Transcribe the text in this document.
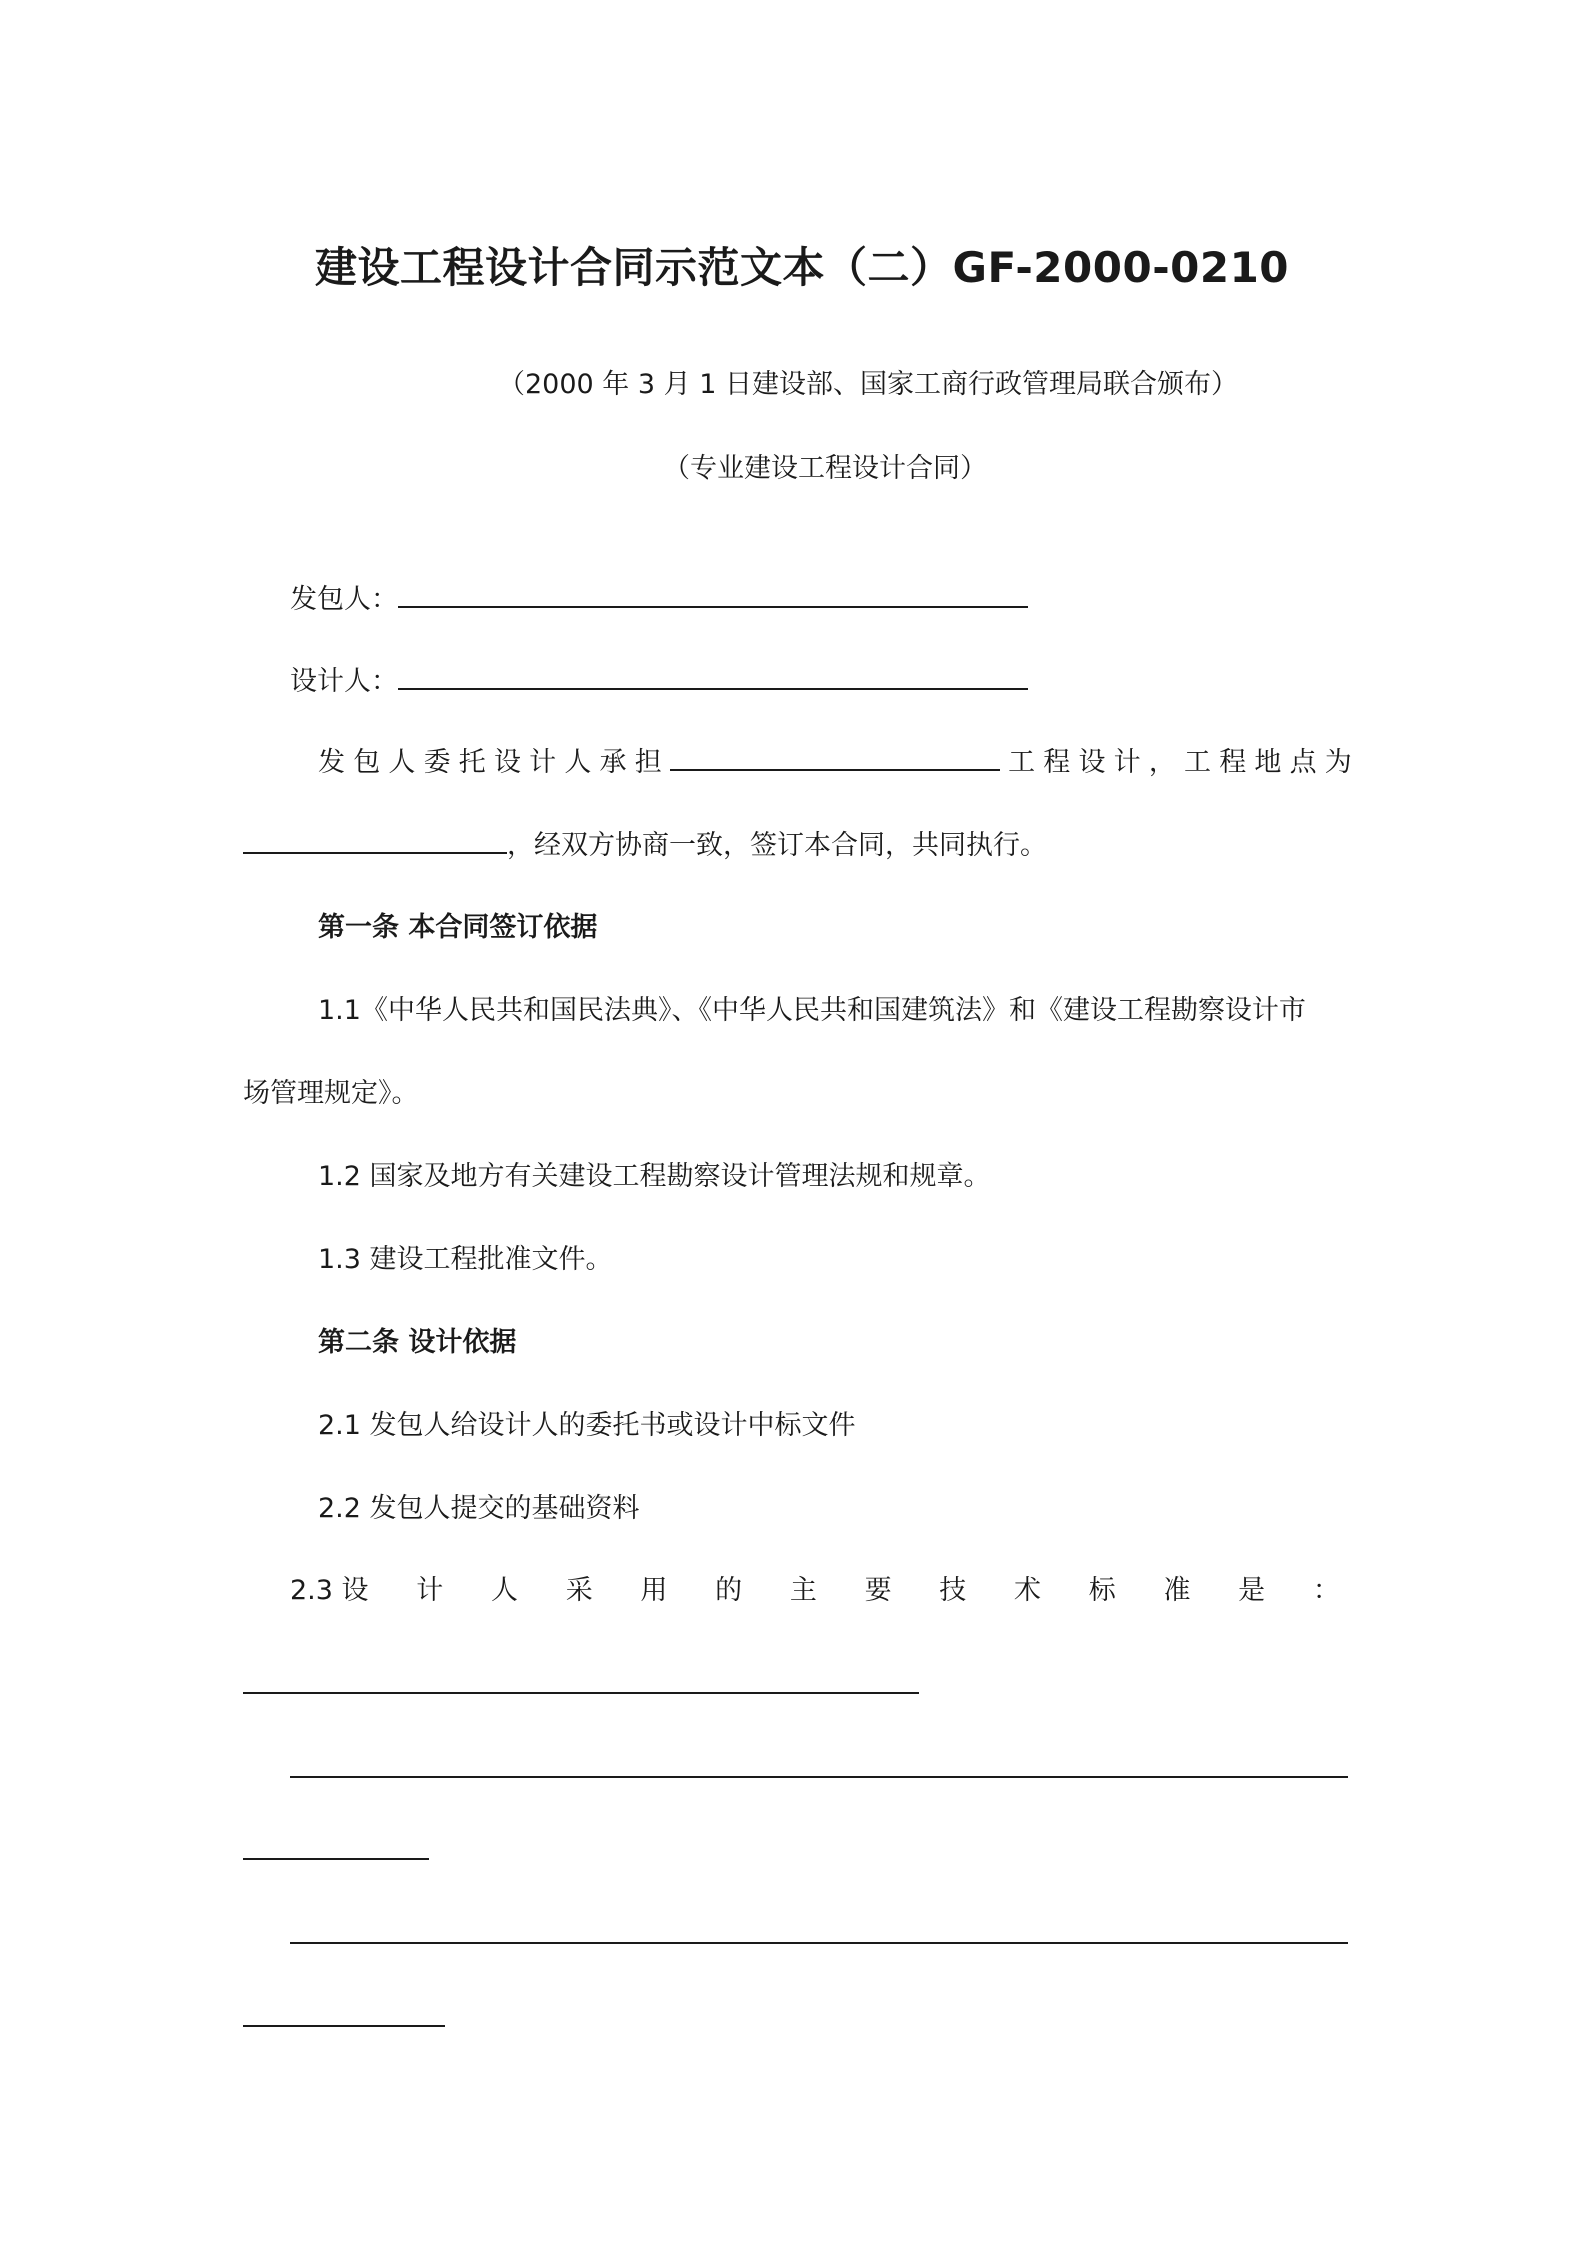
建设工程设计合同示范文本（二）GF-2000-0210
（2000 年 3 月 1 日建设部、国家工商行政管理局联合颁布）
（专业建设工程设计合同）
发包人：
设计人：
发 包 人 委 托 设 计 人 承 担	工 程 设 计 ， 工 程 地 点 为
，经双方协商一致，签订本合同，共同执行。
第一条 本合同签订依据
1.1《中华人民共和国民法典》、《中华人民共和国建筑法》和《建设工程勘察设计市
场管理规定》。
1.2 国家及地方有关建设工程勘察设计管理法规和规章。
1.3 建设工程批准文件。
第二条 设计依据
2.1 发包人给设计人的委托书或设计中标文件
2.2 发包人提交的基础资料
2.3 设 计 人 采 用 的 主 要 技 术 标 准 是 ：
